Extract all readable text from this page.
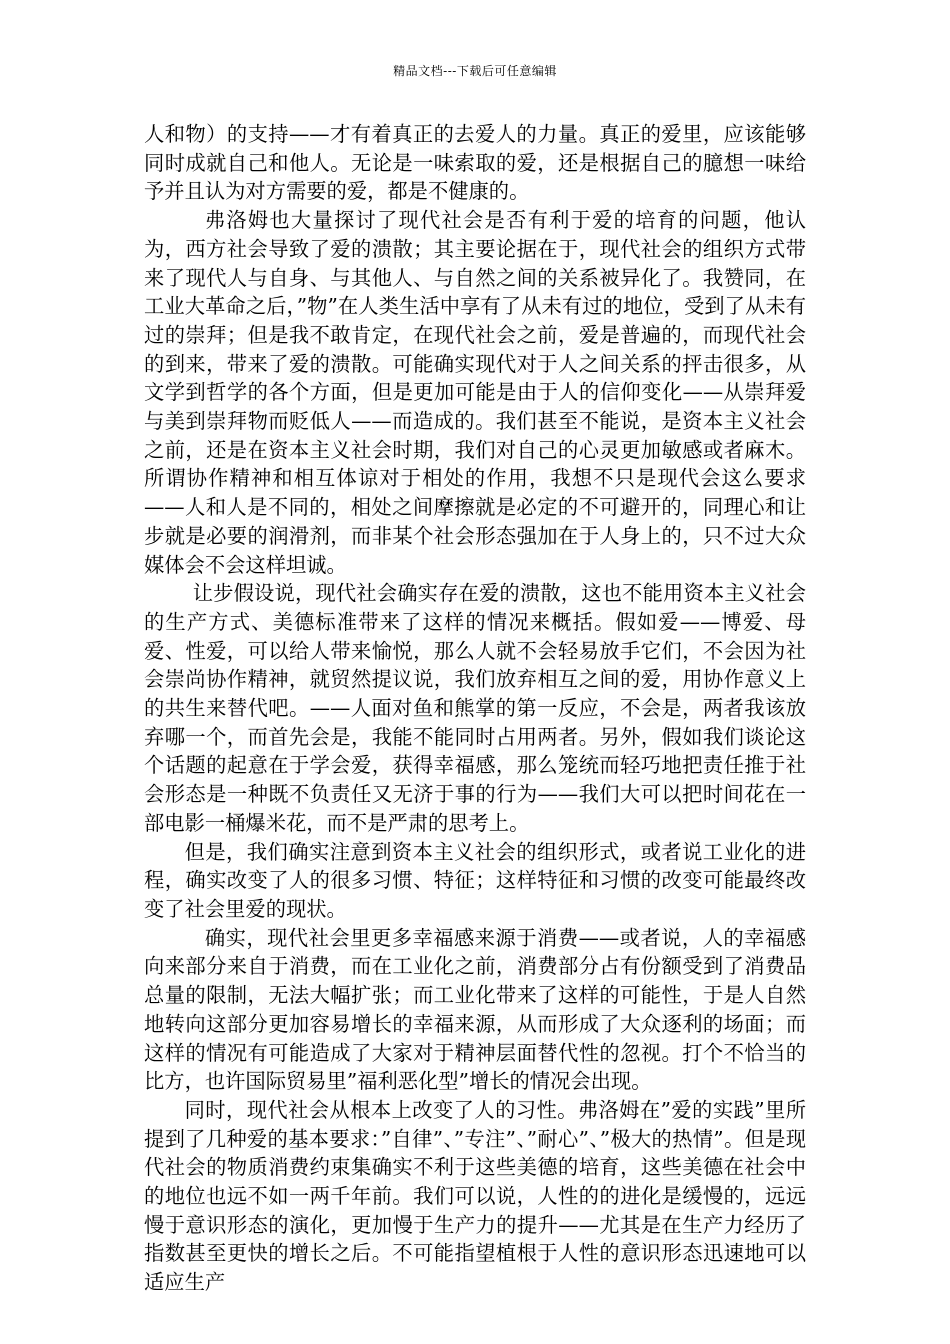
精品文档---下载后可任意编辑

人和物）的支持——才有着真正的去爱人的力量。真正的爱里，应该能够同时成就自己和他人。无论是一味索取的爱，还是根据自己的臆想一味给予并且认为对方需要的爱，都是不健康的。

弗洛姆也大量探讨了现代社会是否有利于爱的培育的问题，他认为，西方社会导致了爱的溃散；其主要论据在于，现代社会的组织方式带来了现代人与自身、与其他人、与自然之间的关系被异化了。我赞同，在工业大革命之后，”物”在人类生活中享有了从未有过的地位，受到了从未有过的崇拜；但是我不敢肯定，在现代社会之前，爱是普遍的，而现代社会的到来，带来了爱的溃散。可能确实现代对于人之间关系的抨击很多，从文学到哲学的各个方面，但是更加可能是由于人的信仰变化——从崇拜爱与美到崇拜物而贬低人——而造成的。我们甚至不能说，是资本主义社会之前，还是在资本主义社会时期，我们对自己的心灵更加敏感或者麻木。所谓协作精神和相互体谅对于相处的作用，我想不只是现代会这么要求——人和人是不同的，相处之间摩擦就是必定的不可避开的，同理心和让步就是必要的润滑剂，而非某个社会形态强加在于人身上的，只不过大众媒体会不会这样坦诚。

让步假设说，现代社会确实存在爱的溃散，这也不能用资本主义社会的生产方式、美德标准带来了这样的情况来概括。假如爱——博爱、母爱、性爱，可以给人带来愉悦，那么人就不会轻易放手它们，不会因为社会崇尚协作精神，就贸然提议说，我们放弃相互之间的爱，用协作意义上的共生来替代吧。——人面对鱼和熊掌的第一反应，不会是，两者我该放弃哪一个，而首先会是，我能不能同时占用两者。另外，假如我们谈论这个话题的起意在于学会爱，获得幸福感，那么笼统而轻巧地把责任推于社会形态是一种既不负责任又无济于事的行为——我们大可以把时间花在一部电影一桶爆米花，而不是严肃的思考上。

但是，我们确实注意到资本主义社会的组织形式，或者说工业化的进程，确实改变了人的很多习惯、特征；这样特征和习惯的改变可能最终改变了社会里爱的现状。

确实，现代社会里更多幸福感来源于消费——或者说，人的幸福感向来部分来自于消费，而在工业化之前，消费部分占有份额受到了消费品总量的限制，无法大幅扩张；而工业化带来了这样的可能性，于是人自然地转向这部分更加容易增长的幸福来源，从而形成了大众逐利的场面；而这样的情况有可能造成了大家对于精神层面替代性的忽视。打个不恰当的比方，也许国际贸易里”福利恶化型”增长的情况会出现。

同时，现代社会从根本上改变了人的习性。弗洛姆在”爱的实践”里所提到了几种爱的基本要求：”自律”、”专注”、”耐心”、”极大的热情”。但是现代社会的物质消费约束集确实不利于这些美德的培育，这些美德在社会中的地位也远不如一两千年前。我们可以说，人性的的进化是缓慢的，远远慢于意识形态的演化，更加慢于生产力的提升——尤其是在生产力经历了指数甚至更快的增长之后。不可能指望植根于人性的意识形态迅速地可以适应生产
